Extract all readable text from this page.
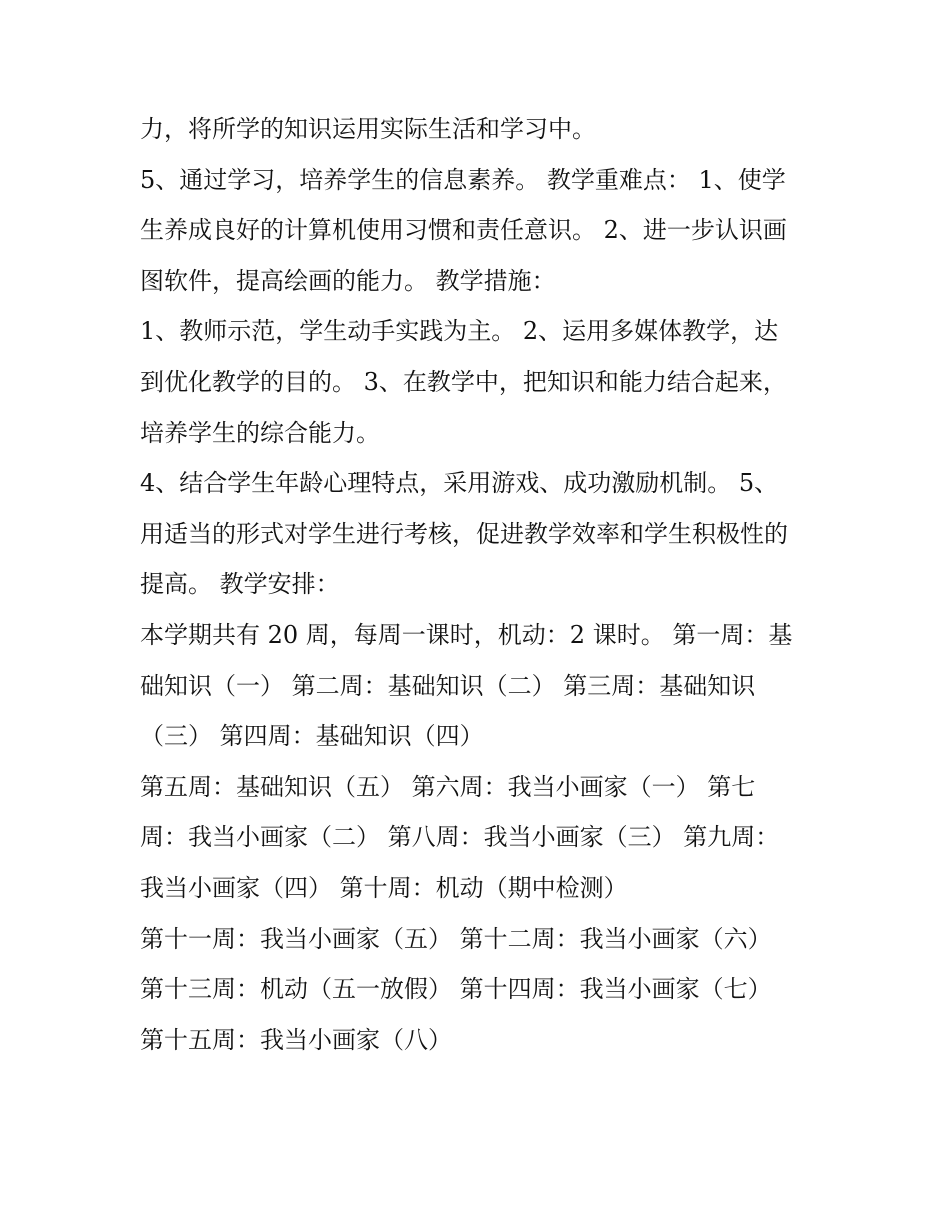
力，将所学的知识运用实际生活和学习中。
5、通过学习，培养学生的信息素养。 教学重难点： 1、使学
生养成良好的计算机使用习惯和责任意识。 2、进一步认识画
图软件，提高绘画的能力。 教学措施：
1、教师示范，学生动手实践为主。 2、运用多媒体教学，达
到优化教学的目的。 3、在教学中，把知识和能力结合起来，
培养学生的综合能力。
4、结合学生年龄心理特点，采用游戏、成功激励机制。 5、
用适当的形式对学生进行考核，促进教学效率和学生积极性的
提高。 教学安排：
本学期共有 20 周，每周一课时，机动：2 课时。 第一周：基
础知识（一） 第二周：基础知识（二） 第三周：基础知识
（三） 第四周：基础知识（四）
第五周：基础知识（五） 第六周：我当小画家（一） 第七
周：我当小画家（二） 第八周：我当小画家（三） 第九周：
我当小画家（四） 第十周：机动（期中检测）
第十一周：我当小画家（五） 第十二周：我当小画家（六）
第十三周：机动（五一放假） 第十四周：我当小画家（七）
第十五周：我当小画家（八）
